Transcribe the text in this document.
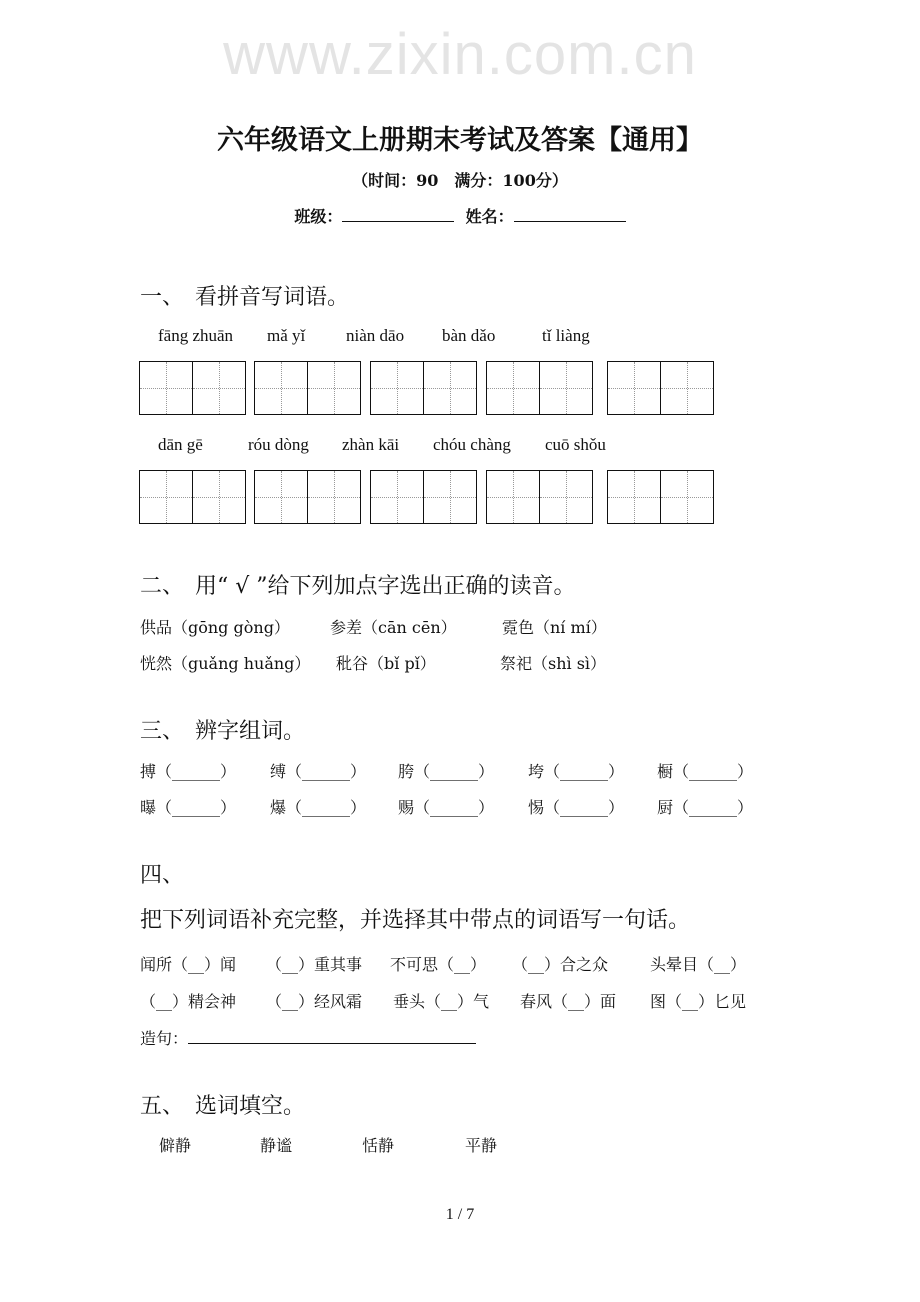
www.zixin.com.cn
六年级语文上册期末考试及答案【通用】
（时间：90　满分：100分）
班级：	姓名：
一、　看拼音写词语。
fāng zhuān mǎ yǐ niàn dāo bàn dǎo	tǐ liàng
dān gē	róu dòng zhàn kāi chóu chàng cuō shǒu
二、　用“ √ ”给下列加点字选出正确的读音。
供品（gōng gòng）	参差（cān cēn）	霓色（ní mí）
恍然（guǎng huǎng） 秕谷（bǐ pǐ）	祭祀（shì sì）
三、　辨字组词。
搏（______） 缚（______） 胯（______） 垮（______） 橱（______）
曝（______） 爆（______） 赐（______） 惕（______） 厨（______）
四、
把下列词语补充完整，并选择其中带点的词语写一句话。
闻所（__）闻 （__）重其事 不可思（__） （__）合之众	头晕目（__）
（__）精会神 （__）经风霜 垂头（__）气 春风（__）面 图（__）匕见
造句：
五、　选词填空。
僻静	静谧	恬静	平静
1 / 7
